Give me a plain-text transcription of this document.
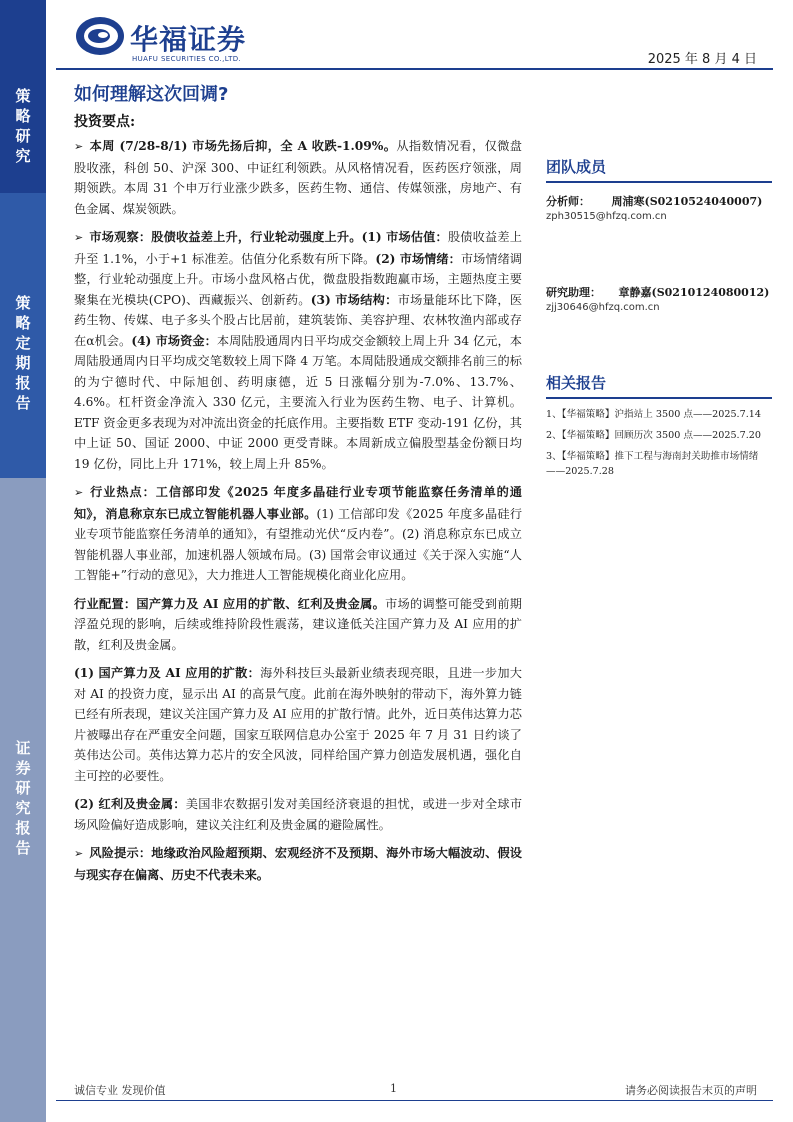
策
略
研
究
策
略
定
期
报
告
证
券
研
究
报
告
华福证券
HUAFU SECURITIES CO.,LTD.	2025 年 8 月 4 日
如何理解这次回调?
投资要点:

➢ 本周 (7/28-8/1) 市场先扬后抑，全 A 收跌-1.09%。从指数情况看，仅微盘股收涨，科创 50、沪深 300、中证红利领跌。从风格情况看，医药医疗领涨，周期领跌。本周 31 个申万行业涨少跌多，医药生物、通信、传媒领涨，房地产、有色金属、煤炭领跌。

➢ 市场观察：股债收益差上升，行业轮动强度上升。(1) 市场估值：股债收益差上升至 1.1%，小于+1 标准差。估值分化系数有所下降。(2) 市场情绪：市场情绪调整，行业轮动强度上升。市场小盘风格占优，微盘股指数跑赢市场，主题热度主要聚集在光模块(CPO)、西藏振兴、创新药。(3) 市场结构：市场量能环比下降，医药生物、传媒、电子多头个股占比居前，建筑装饰、美容护理、农林牧渔内部或存在α机会。(4) 市场资金：本周陆股通周内日平均成交金额较上周上升 34 亿元，本周陆股通周内日平均成交笔数较上周下降 4 万笔。本周陆股通成交额排名前三的标的为宁德时代、中际旭创、药明康德，近 5 日涨幅分别为-7.0%、13.7%、4.6%。杠杆资金净流入 330 亿元，主要流入行业为医药生物、电子、计算机。ETF 资金更多表现为对冲流出资金的托底作用。主要指数 ETF 变动-191 亿份，其中上证 50、国证 2000、中证 2000 更受青睐。本周新成立偏股型基金份额日均 19 亿份，同比上升 171%，较上周上升 85%。

➢ 行业热点：工信部印发《2025 年度多晶硅行业专项节能监察任务清单的通知》，消息称京东已成立智能机器人事业部。(1) 工信部印发《2025 年度多晶硅行业专项节能监察任务清单的通知》，有望推动光伏“反内卷”。(2) 消息称京东已成立智能机器人事业部，加速机器人领域布局。(3) 国常会审议通过《关于深入实施“人工智能+”行动的意见》，大力推进人工智能规模化商业化应用。

行业配置：国产算力及 AI 应用的扩散、红利及贵金属。市场的调整可能受到前期浮盈兑现的影响，后续或维持阶段性震荡，建议逢低关注国产算力及 AI 应用的扩散，红利及贵金属。

(1) 国产算力及 AI 应用的扩散：海外科技巨头最新业绩表现亮眼，且进一步加大对 AI 的投资力度，显示出 AI 的高景气度。此前在海外映射的带动下，海外算力链已经有所表现，建议关注国产算力及 AI 应用的扩散行情。此外，近日英伟达算力芯片被曝出存在严重安全问题，国家互联网信息办公室于 2025 年 7 月 31 日约谈了英伟达公司。英伟达算力芯片的安全风波，同样给国产算力创造发展机遇，强化自主可控的必要性。

(2) 红利及贵金属：美国非农数据引发对美国经济衰退的担忧，或进一步对全球市场风险偏好造成影响，建议关注红利及贵金属的避险属性。

➢ 风险提示：地缘政治风险超预期、宏观经济不及预期、海外市场大幅波动、假设与现实存在偏离、历史不代表未来。

团队成员
分析师： 周浦寒(S0210524040007)
zph30515@hfzq.com.cn
研究助理： 章静嘉(S0210124080012)
zjj30646@hfzq.com.cn
相关报告
1、【华福策略】沪指站上 3500 点——2025.7.14
2、【华福策略】回顾历次 3500 点——2025.7.20
3、【华福策略】推下工程与海南封关助推市场情绪——2025.7.28
诚信专业 发现价值	1	请务必阅读报告末页的声明
